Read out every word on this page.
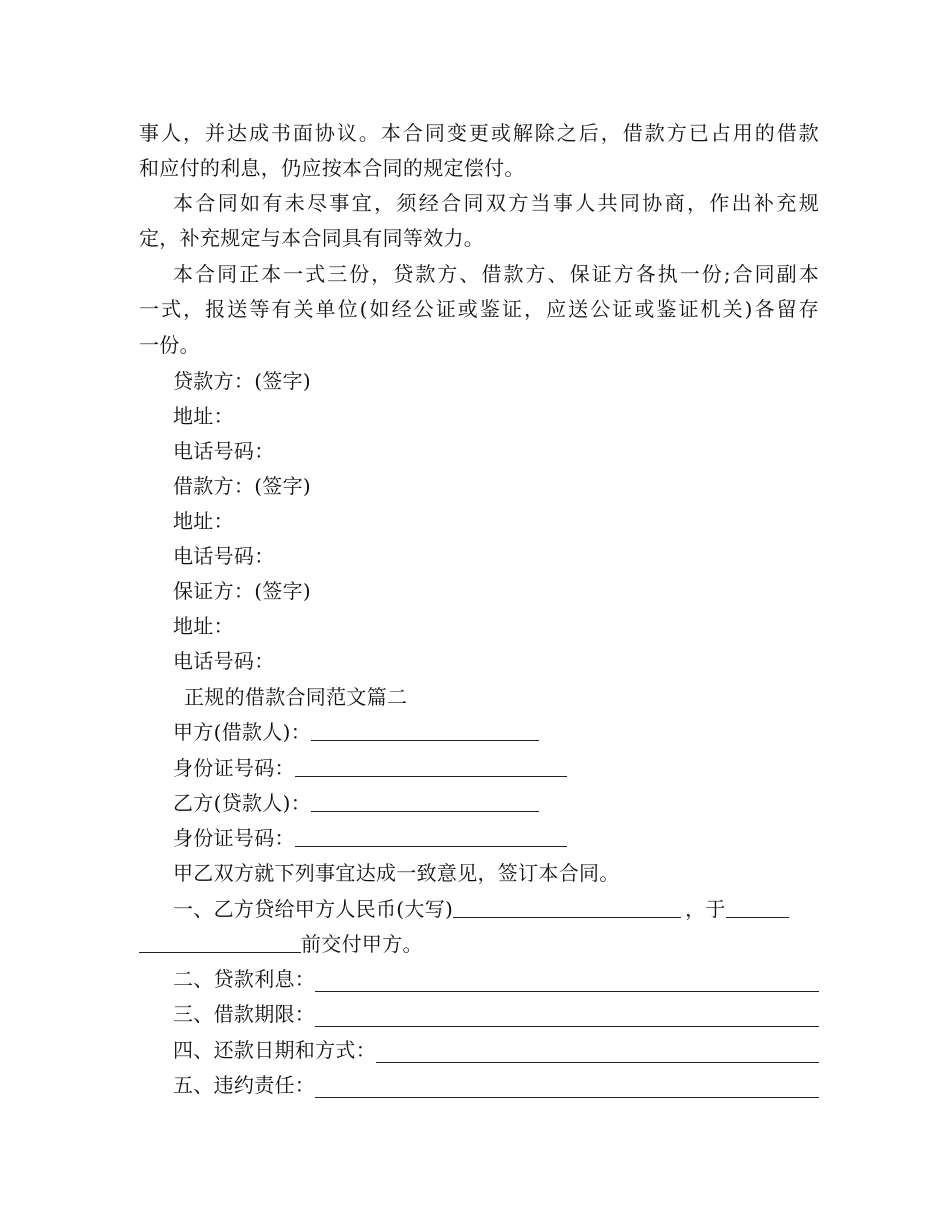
事人，并达成书面协议。本合同变更或解除之后，借款方已占用的借款
和应付的利息，仍应按本合同的规定偿付。
本合同如有未尽事宜，须经合同双方当事人共同协商，作出补充规
定，补充规定与本合同具有同等效力。
本合同正本一式三份，贷款方、借款方、保证方各执一份;合同副本
一式，报送等有关单位(如经公证或鉴证，应送公证或鉴证机关)各留存
一份。
贷款方：(签字)
地址：
电话号码：
借款方：(签字)
地址：
电话号码：
保证方：(签字)
地址：
电话号码：
正规的借款合同范文篇二
甲方(借款人)：
身份证号码：
乙方(贷款人)：
身份证号码：
甲乙双方就下列事宜达成一致意见，签订本合同。
一、乙方贷给甲方人民币(大写)	，于
前交付甲方。
二、贷款利息：
三、借款期限：
四、还款日期和方式：
五、违约责任：
